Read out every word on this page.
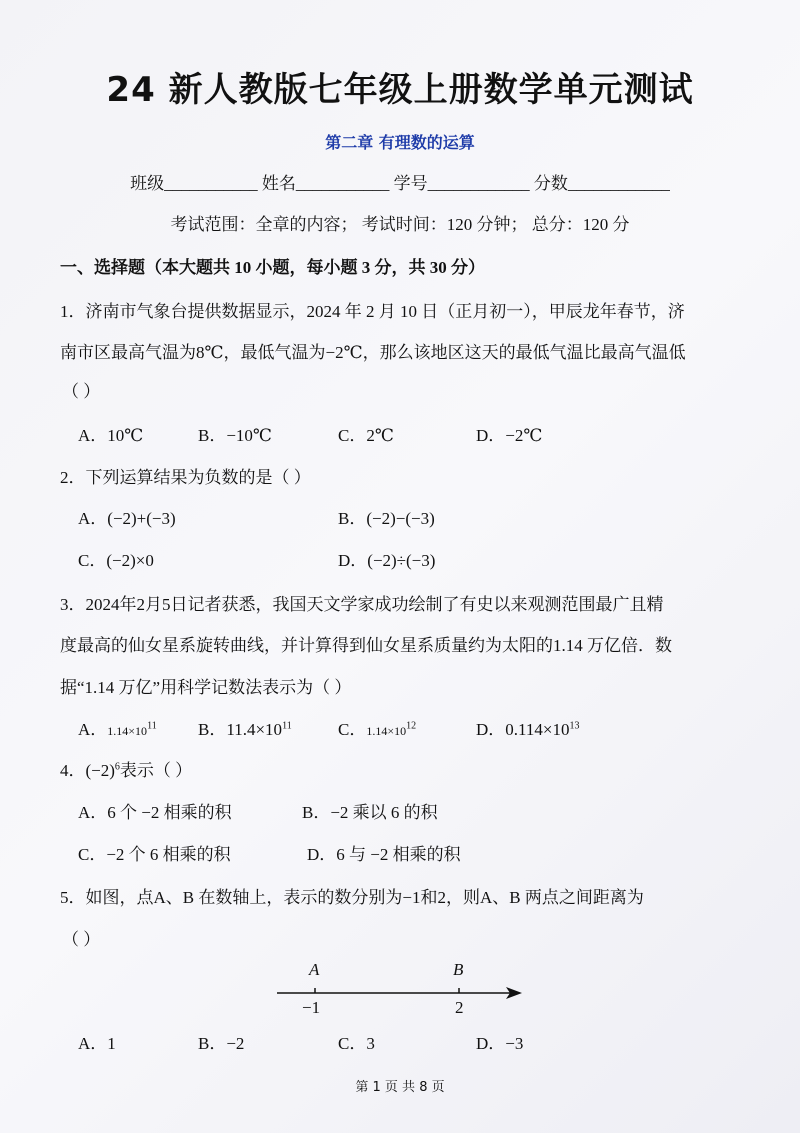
24 新人教版七年级上册数学单元测试
第二章 有理数的运算
班级___________ 姓名___________ 学号____________ 分数____________
考试范围：全章的内容； 考试时间：120 分钟； 总分：120 分
一、选择题（本大题共 10 小题，每小题 3 分，共 30 分）
1．济南市气象台提供数据显示，2024 年 2 月 10 日（正月初一），甲辰龙年春节，济
南市区最高气温为8℃，最低气温为−2℃，那么该地区这天的最低气温比最高气温低
（ ）
A．10℃	B．−10℃	C．2℃	D．−2℃
2．下列运算结果为负数的是（ ）
A．(−2)+(−3)	B．(−2)−(−3)
C．(−2)×0	D．(−2)÷(−3)
3．2024年2月5日记者获悉，我国天文学家成功绘制了有史以来观测范围最广且精
度最高的仙女星系旋转曲线，并计算得到仙女星系质量约为太阳的1.14 万亿倍．数
据“1.14 万亿”用科学记数法表示为（ ）
A．$1.14\times 10^{11}$ B．$11.4\times 10^{11}$	C．$1.14\times 10^{12}$	D．$0.114\times 10^{13}$
4．$(-2)^6$表示（ ）
A．6 个 −2 相乘的积	B．−2 乘以 6 的积
C．−2 个 6 相乘的积	D．6 与 −2 相乘的积
5．如图，点A、B 在数轴上，表示的数分别为−1和2，则A、B 两点之间距离为
（ ）
A	B
−1	2
A．1	B．−2	C．3	D．−3
第 1 页 共 8 页
